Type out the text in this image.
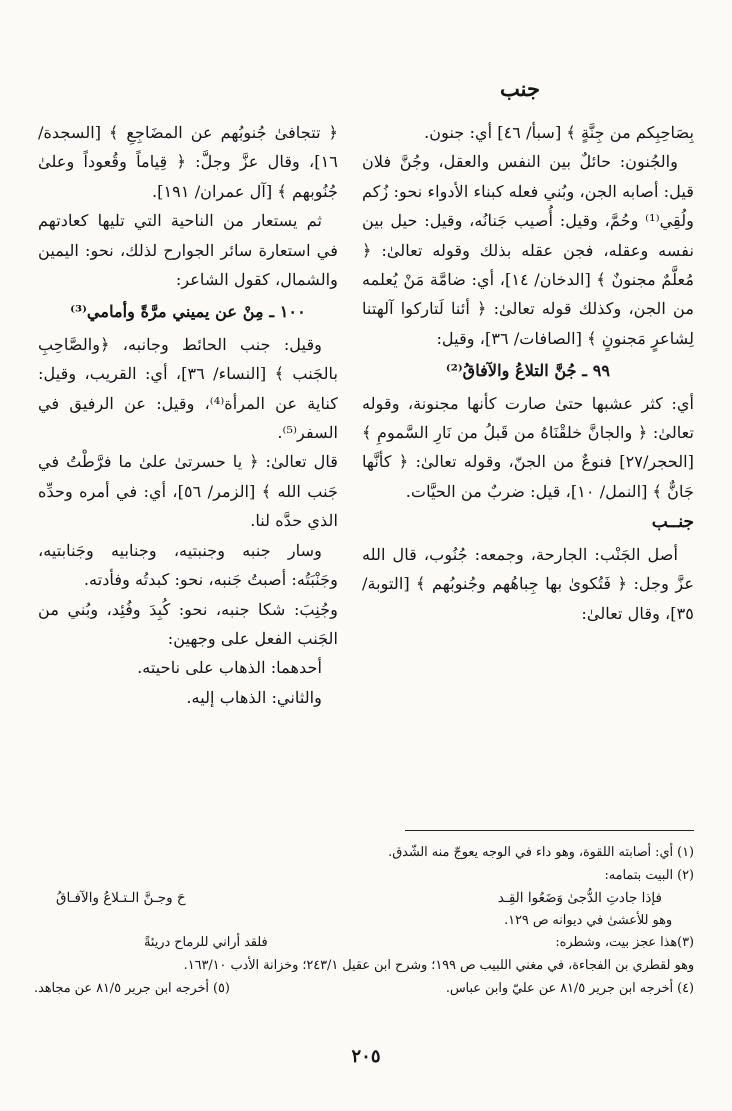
جنب

بِصَاحِبِكم من جِنَّةٍ ﴾ [سبأ/ ٤٦] أي: جنون.

والجُنون: حائلٌ بين النفس والعقل، وجُنَّ فلان قيل: أصابه الجن، وبُني فعله كبناء الأدواء نحو: زُكم ولُقِي⁽¹⁾ وحُمَّ، وقيل: أُصيب جَنانُه، وقيل: حيل بين نفسه وعقله، فجن عقله بذلك وقوله تعالىٰ: ﴿ مُعلَّمٌ مجنونٌ ﴾ [الدخان/ ١٤]، أي: ضامَّة مَنْ يُعلمه من الجن، وكذلك قوله تعالىٰ: ﴿ أئنا لَتاركوا آلهتنا لِشاعرٍ مَجنونٍ ﴾ [الصافات/ ٣٦]، وقيل:

٩٩ ـ جُنَّ التلاعُ والآفاقُ⁽²⁾

أي: كثر عشبها حتىٰ صارت كأنها مجنونة، وقوله تعالىٰ: ﴿ والجانَّ خلقْنَاهُ من قَبلُ من نَارِ السَّمومِ ﴾ [الحجر/٢٧] فنوعٌ من الجنّ، وقوله تعالىٰ: ﴿ كأنَّها جَانٌّ ﴾ [النمل/ ١٠]، قيل: ضربٌ من الحيَّات.

جنــب

أصل الجَنْب: الجارحة، وجمعه: جُنُوب، قال الله عزَّ وجل: ﴿ فَتُكوىٰ بها جِباهُهم وجُنوبُهم ﴾ [التوبة/ ٣٥]، وقال تعالىٰ:

﴿ تتجافىٰ جُنوبُهم عن المضَاجِعِ ﴾ [السجدة/ ١٦]، وقال عزَّ وجلَّ: ﴿ قِياماً وقُعوداً وعلىٰ جُنُوبهم ﴾ [آل عمران/ ١٩١].

ثم يستعار من الناحية التي تليها كعادتهم في استعارة سائر الجوارح لذلك، نحو: اليمين والشمال، كقول الشاعر:

١٠٠ ـ مِنْ عن يميني مرَّةً وأمامي⁽³⁾

وقيل: جنب الحائط وجانبه، ﴿والصَّاحِبِ بالجَنب ﴾ [النساء/ ٣٦]، أي: القريب، وقيل: كناية عن المرأة⁽⁴⁾، وقيل: عن الرفيق في السفر⁽⁵⁾.

قال تعالىٰ: ﴿ يا حسرتىٰ علىٰ ما فرَّطْتُ في جَنب الله ﴾ [الزمر/ ٥٦]، أي: في أمره وحدِّه الذي حدَّه لنا.

وسار جنبه وجنبتيه، وجنابيه وجَنابتيه، وجَنْبَتُه: أصبتُ جَنبه، نحو: كبدتُه وفأدته.

وجُنِبَ: شكا جنبه، نحو: كُبِدَ وفُئِد، وبُني من الجَنب الفعل على وجهين:

أحدهما: الذهاب على ناحيته.

والثاني: الذهاب إليه.

(١) أي: أصابته اللقوة، وهو داء في الوجه يعوجّ منه الشّدق.

(٢) البيت بتمامه:

فإذا جادتِ الدُّجىٰ وَضَعُوا القِـد
حَ وجـنَّ الـتـلاعُ والآفـاقُ

وهو للأعشىٰ في ديوانه ص ١٢٩.

(٣)هذا عجز بيت، وشطره:
فلقد أراني للرماح دريئةً

وهو لقطري بن الفجاءة، في مغني اللبيب ص ١٩٩؛ وشرح ابن عقيل ٢٤٣/١؛ وخزانة الأدب ١٦٣/١٠.

(٤) أخرجه ابن جرير ٨١/٥ عن عليّ وابن عباس.
(٥) أخرجه ابن جرير ٨١/٥ عن مجاهد.
٢٠٥
